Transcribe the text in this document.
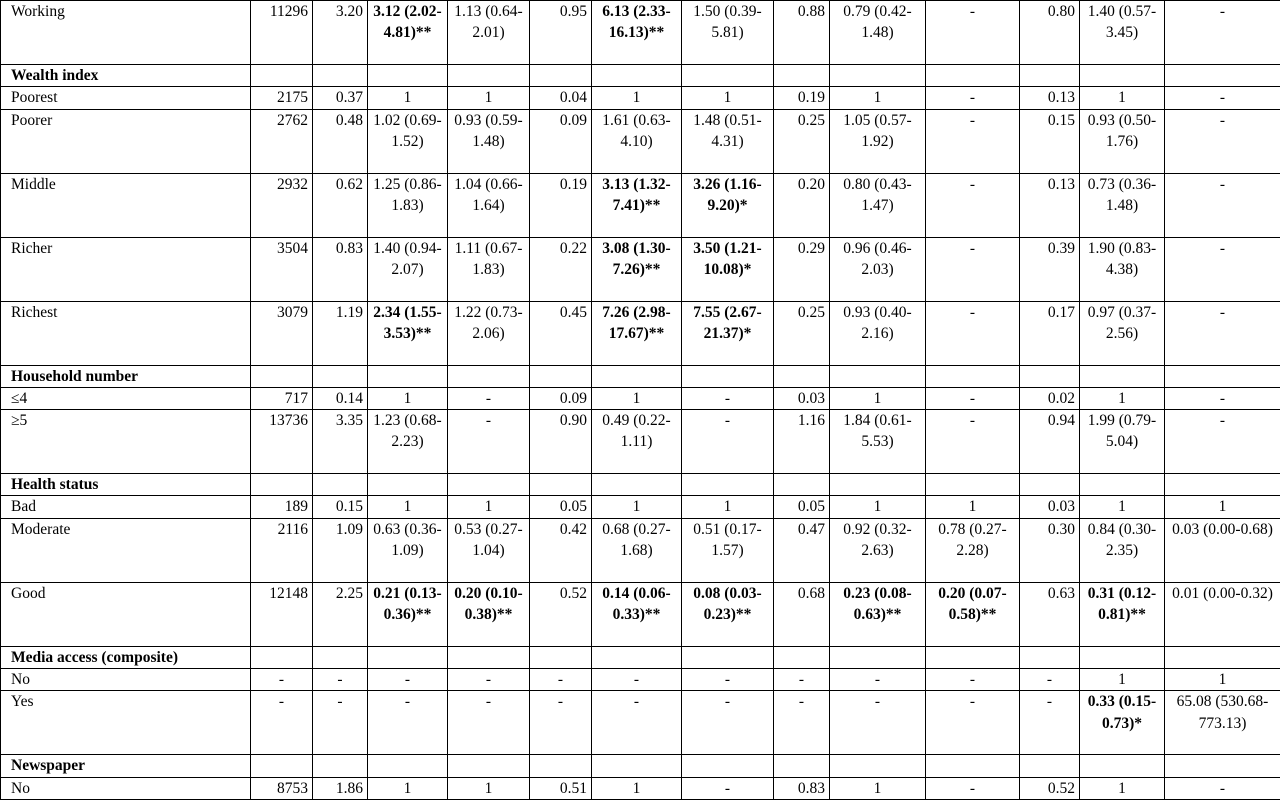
Working	11296	3.20	3.12 (2.02-4.81)**	1.13 (0.64-2.01)	0.95	6.13 (2.33-16.13)**	1.50 (0.39-5.81)	0.88	0.79 (0.42-1.48)	-	0.80	1.40 (0.57-3.45)	-
Wealth index													
Poorest	2175	0.37	1	1	0.04	1	1	0.19	1	-	0.13	1	-
Poorer	2762	0.48	1.02 (0.69-1.52)	0.93 (0.59-1.48)	0.09	1.61 (0.63-4.10)	1.48 (0.51-4.31)	0.25	1.05 (0.57-1.92)	-	0.15	0.93 (0.50-1.76)	-
Middle	2932	0.62	1.25 (0.86-1.83)	1.04 (0.66-1.64)	0.19	3.13 (1.32-7.41)**	3.26 (1.16-9.20)*	0.20	0.80 (0.43-1.47)	-	0.13	0.73 (0.36-1.48)	-
Richer	3504	0.83	1.40 (0.94-2.07)	1.11 (0.67-1.83)	0.22	3.08 (1.30-7.26)**	3.50 (1.21-10.08)*	0.29	0.96 (0.46-2.03)	-	0.39	1.90 (0.83-4.38)	-
Richest	3079	1.19	2.34 (1.55-3.53)**	1.22 (0.73-2.06)	0.45	7.26 (2.98-17.67)**	7.55 (2.67-21.37)*	0.25	0.93 (0.40-2.16)	-	0.17	0.97 (0.37-2.56)	-
Household number													
≤4	717	0.14	1	-	0.09	1	-	0.03	1	-	0.02	1	-
≥5	13736	3.35	1.23 (0.68-2.23)	-	0.90	0.49 (0.22-1.11)	-	1.16	1.84 (0.61-5.53)	-	0.94	1.99 (0.79-5.04)	-
Health status													
Bad	189	0.15	1	1	0.05	1	1	0.05	1	1	0.03	1	1
Moderate	2116	1.09	0.63 (0.36-1.09)	0.53 (0.27-1.04)	0.42	0.68 (0.27-1.68)	0.51 (0.17-1.57)	0.47	0.92 (0.32-2.63)	0.78 (0.27-2.28)	0.30	0.84 (0.30-2.35)	0.03 (0.00-0.68)
Good	12148	2.25	0.21 (0.13-0.36)**	0.20 (0.10-0.38)**	0.52	0.14 (0.06-0.33)**	0.08 (0.03-0.23)**	0.68	0.23 (0.08-0.63)**	0.20 (0.07-0.58)**	0.63	0.31 (0.12-0.81)**	0.01 (0.00-0.32)
Media access (composite)													
No	-	-	-	-	-	-	-	-	-	-	-	1	1
Yes	-	-	-	-	-	-	-	-	-	-	-	0.33 (0.15-0.73)*	65.08 (530.68-773.13)
Newspaper													
No	8753	1.86	1	1	0.51	1	-	0.83	1	-	0.52	1	-
